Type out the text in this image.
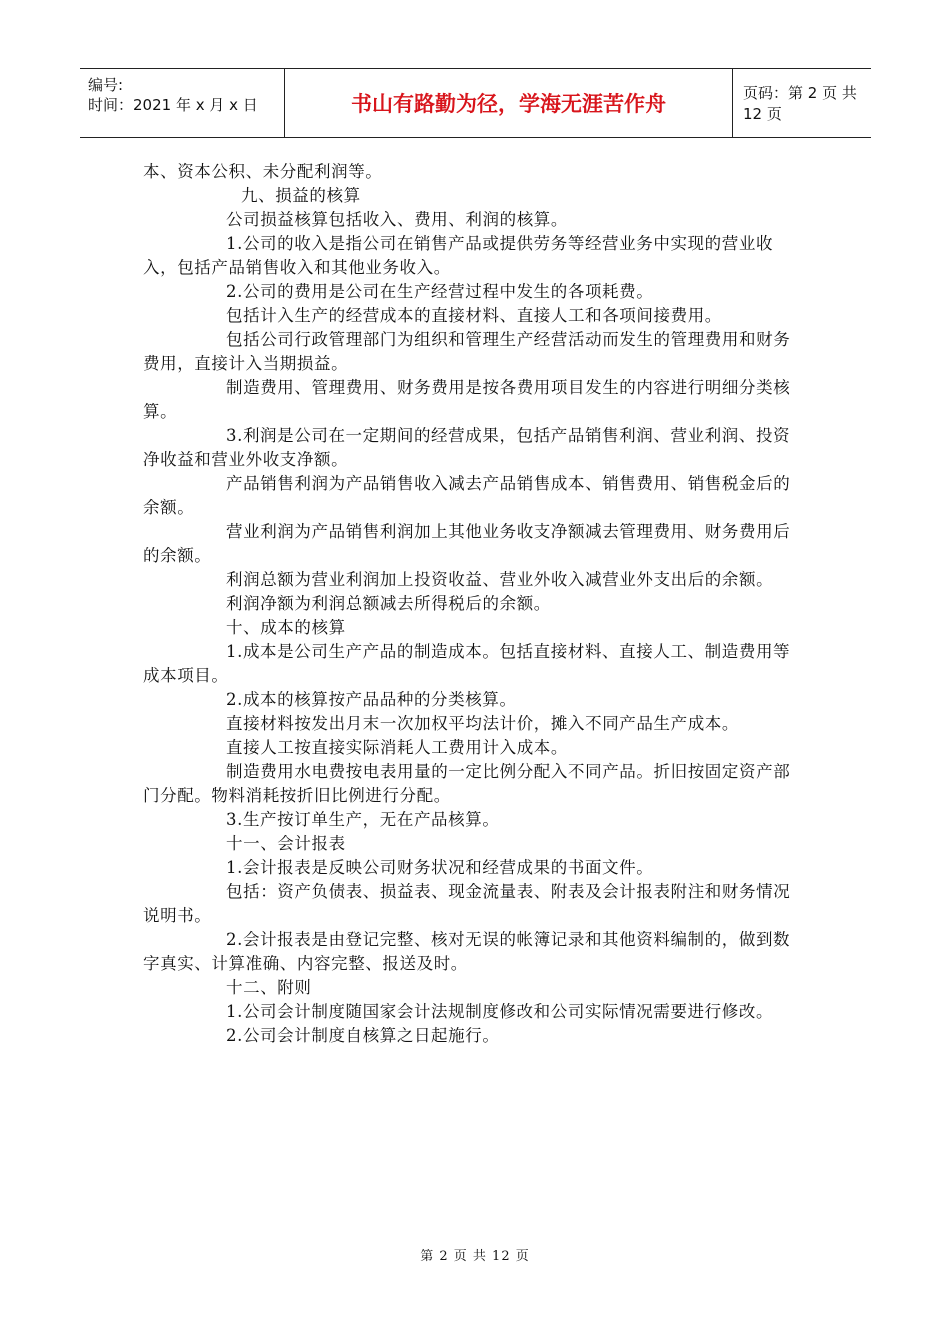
编号:
时间：2021 年 x 月 x 日	书山有路勤为径，学海无涯苦作舟	页码：第 2 页 共 12 页

本、资本公积、未分配利润等。

九、损益的核算

公司损益核算包括收入、费用、利润的核算。

1.公司的收入是指公司在销售产品或提供劳务等经营业务中实现的营业收入，包括产品销售收入和其他业务收入。

2.公司的费用是公司在生产经营过程中发生的各项耗费。

包括计入生产的经营成本的直接材料、直接人工和各项间接费用。

包括公司行政管理部门为组织和管理生产经营活动而发生的管理费用和财务费用，直接计入当期损益。

制造费用、管理费用、财务费用是按各费用项目发生的内容进行明细分类核算。

3.利润是公司在一定期间的经营成果，包括产品销售利润、营业利润、投资净收益和营业外收支净额。

产品销售利润为产品销售收入减去产品销售成本、销售费用、销售税金后的余额。

营业利润为产品销售利润加上其他业务收支净额减去管理费用、财务费用后的余额。

利润总额为营业利润加上投资收益、营业外收入减营业外支出后的余额。

利润净额为利润总额减去所得税后的余额。

十、成本的核算

1.成本是公司生产产品的制造成本。包括直接材料、直接人工、制造费用等成本项目。

2.成本的核算按产品品种的分类核算。

直接材料按发出月末一次加权平均法计价，摊入不同产品生产成本。

直接人工按直接实际消耗人工费用计入成本。

制造费用水电费按电表用量的一定比例分配入不同产品。折旧按固定资产部门分配。物料消耗按折旧比例进行分配。

3.生产按订单生产，无在产品核算。

十一、会计报表

1.会计报表是反映公司财务状况和经营成果的书面文件。

包括：资产负债表、损益表、现金流量表、附表及会计报表附注和财务情况说明书。

2.会计报表是由登记完整、核对无误的帐簿记录和其他资料编制的，做到数字真实、计算准确、内容完整、报送及时。

十二、附则

1.公司会计制度随国家会计法规制度修改和公司实际情况需要进行修改。

2.公司会计制度自核算之日起施行。

第 2 页 共 12 页
